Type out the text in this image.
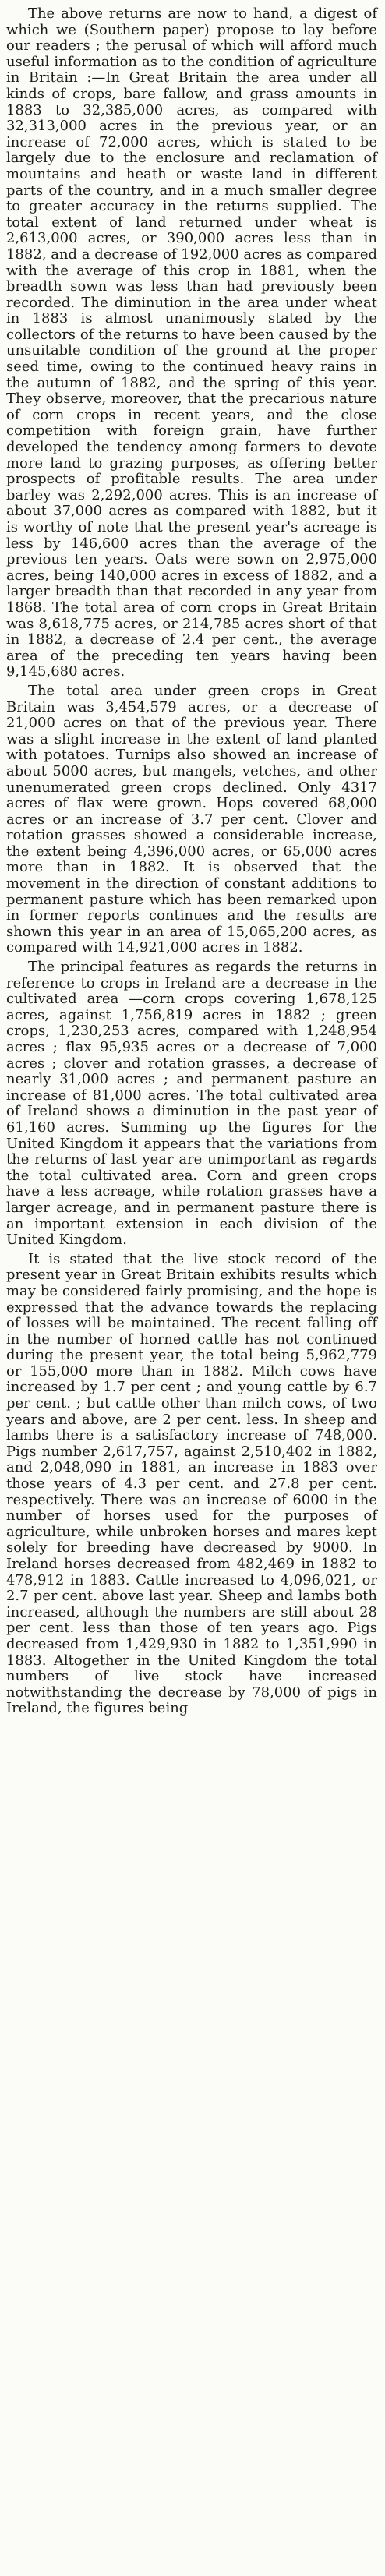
The above returns are now to hand, a digest of which we (Southern paper) propose to lay before our readers ; the perusal of which will afford much useful information as to the condition of agriculture in Britain :—In Great Britain the area under all kinds of crops, bare fallow, and grass amounts in 1883 to 32,385,000 acres, as compared with 32,313,000 acres in the previous year, or an increase of 72,000 acres, which is stated to be largely due to the enclosure and reclamation of mountains and heath or waste land in different parts of the country, and in a much smaller degree to greater accuracy in the returns supplied. The total extent of land returned under wheat is 2,613,000 acres, or 390,000 acres less than in 1882, and a decrease of 192,000 acres as compared with the average of this crop in 1881, when the breadth sown was less than had previously been recorded. The diminution in the area under wheat in 1883 is almost unanimously stated by the collectors of the returns to have been caused by the unsuitable condition of the ground at the proper seed time, owing to the continued heavy rains in the autumn of 1882, and the spring of this year. They observe, moreover, that the precarious nature of corn crops in recent years, and the close competition with foreign grain, have further developed the tendency among farmers to devote more land to grazing purposes, as offering better prospects of profitable results. The area under barley was 2,292,000 acres. This is an increase of about 37,000 acres as compared with 1882, but it is worthy of note that the present year's acreage is less by 146,600 acres than the average of the previous ten years. Oats were sown on 2,975,000 acres, being 140,000 acres in excess of 1882, and a larger breadth than that recorded in any year from 1868. The total area of corn crops in Great Britain was 8,618,775 acres, or 214,785 acres short of that in 1882, a decrease of 2.4 per cent., the average area of the preceding ten years having been 9,145,680 acres.

The total area under green crops in Great Britain was 3,454,579 acres, or a decrease of 21,000 acres on that of the previous year. There was a slight increase in the extent of land planted with potatoes. Turnips also showed an increase of about 5000 acres, but mangels, vetches, and other unenumerated green crops declined. Only 4317 acres of flax were grown. Hops covered 68,000 acres or an increase of 3.7 per cent. Clover and rotation grasses showed a considerable increase, the extent being 4,396,000 acres, or 65,000 acres more than in 1882. It is observed that the movement in the direction of constant additions to permanent pasture which has been remarked upon in former reports continues and the results are shown this year in an area of 15,065,200 acres, as compared with 14,921,000 acres in 1882.

The principal features as regards the returns in reference to crops in Ireland are a decrease in the cultivated area —corn crops covering 1,678,125 acres, against 1,756,819 acres in 1882 ; green crops, 1,230,253 acres, compared with 1,248,954 acres ; flax 95,935 acres or a decrease of 7,000 acres ; clover and rotation grasses, a decrease of nearly 31,000 acres ; and permanent pasture an increase of 81,000 acres. The total cultivated area of Ireland shows a diminution in the past year of 61,160 acres. Summing up the figures for the United Kingdom it appears that the variations from the returns of last year are unimportant as regards the total cultivated area. Corn and green crops have a less acreage, while rotation grasses have a larger acreage, and in permanent pasture there is an important extension in each division of the United Kingdom.

It is stated that the live stock record of the present year in Great Britain exhibits results which may be considered fairly promising, and the hope is expressed that the advance towards the replacing of losses will be maintained. The recent falling off in the number of horned cattle has not continued during the present year, the total being 5,962,779 or 155,000 more than in 1882. Milch cows have increased by 1.7 per cent ; and young cattle by 6.7 per cent. ; but cattle other than milch cows, of two years and above, are 2 per cent. less. In sheep and lambs there is a satisfactory increase of 748,000. Pigs number 2,617,757, against 2,510,402 in 1882, and 2,048,090 in 1881, an increase in 1883 over those years of 4.3 per cent. and 27.8 per cent. respectively. There was an increase of 6000 in the number of horses used for the purposes of agriculture, while unbroken horses and mares kept solely for breeding have decreased by 9000. In Ireland horses decreased from 482,469 in 1882 to 478,912 in 1883. Cattle increased to 4,096,021, or 2.7 per cent. above last year. Sheep and lambs both increased, although the numbers are still about 28 per cent. less than those of ten years ago. Pigs decreased from 1,429,930 in 1882 to 1,351,990 in 1883. Altogether in the United Kingdom the total numbers of live stock have increased notwithstanding the decrease by 78,000 of pigs in Ireland, the figures being
